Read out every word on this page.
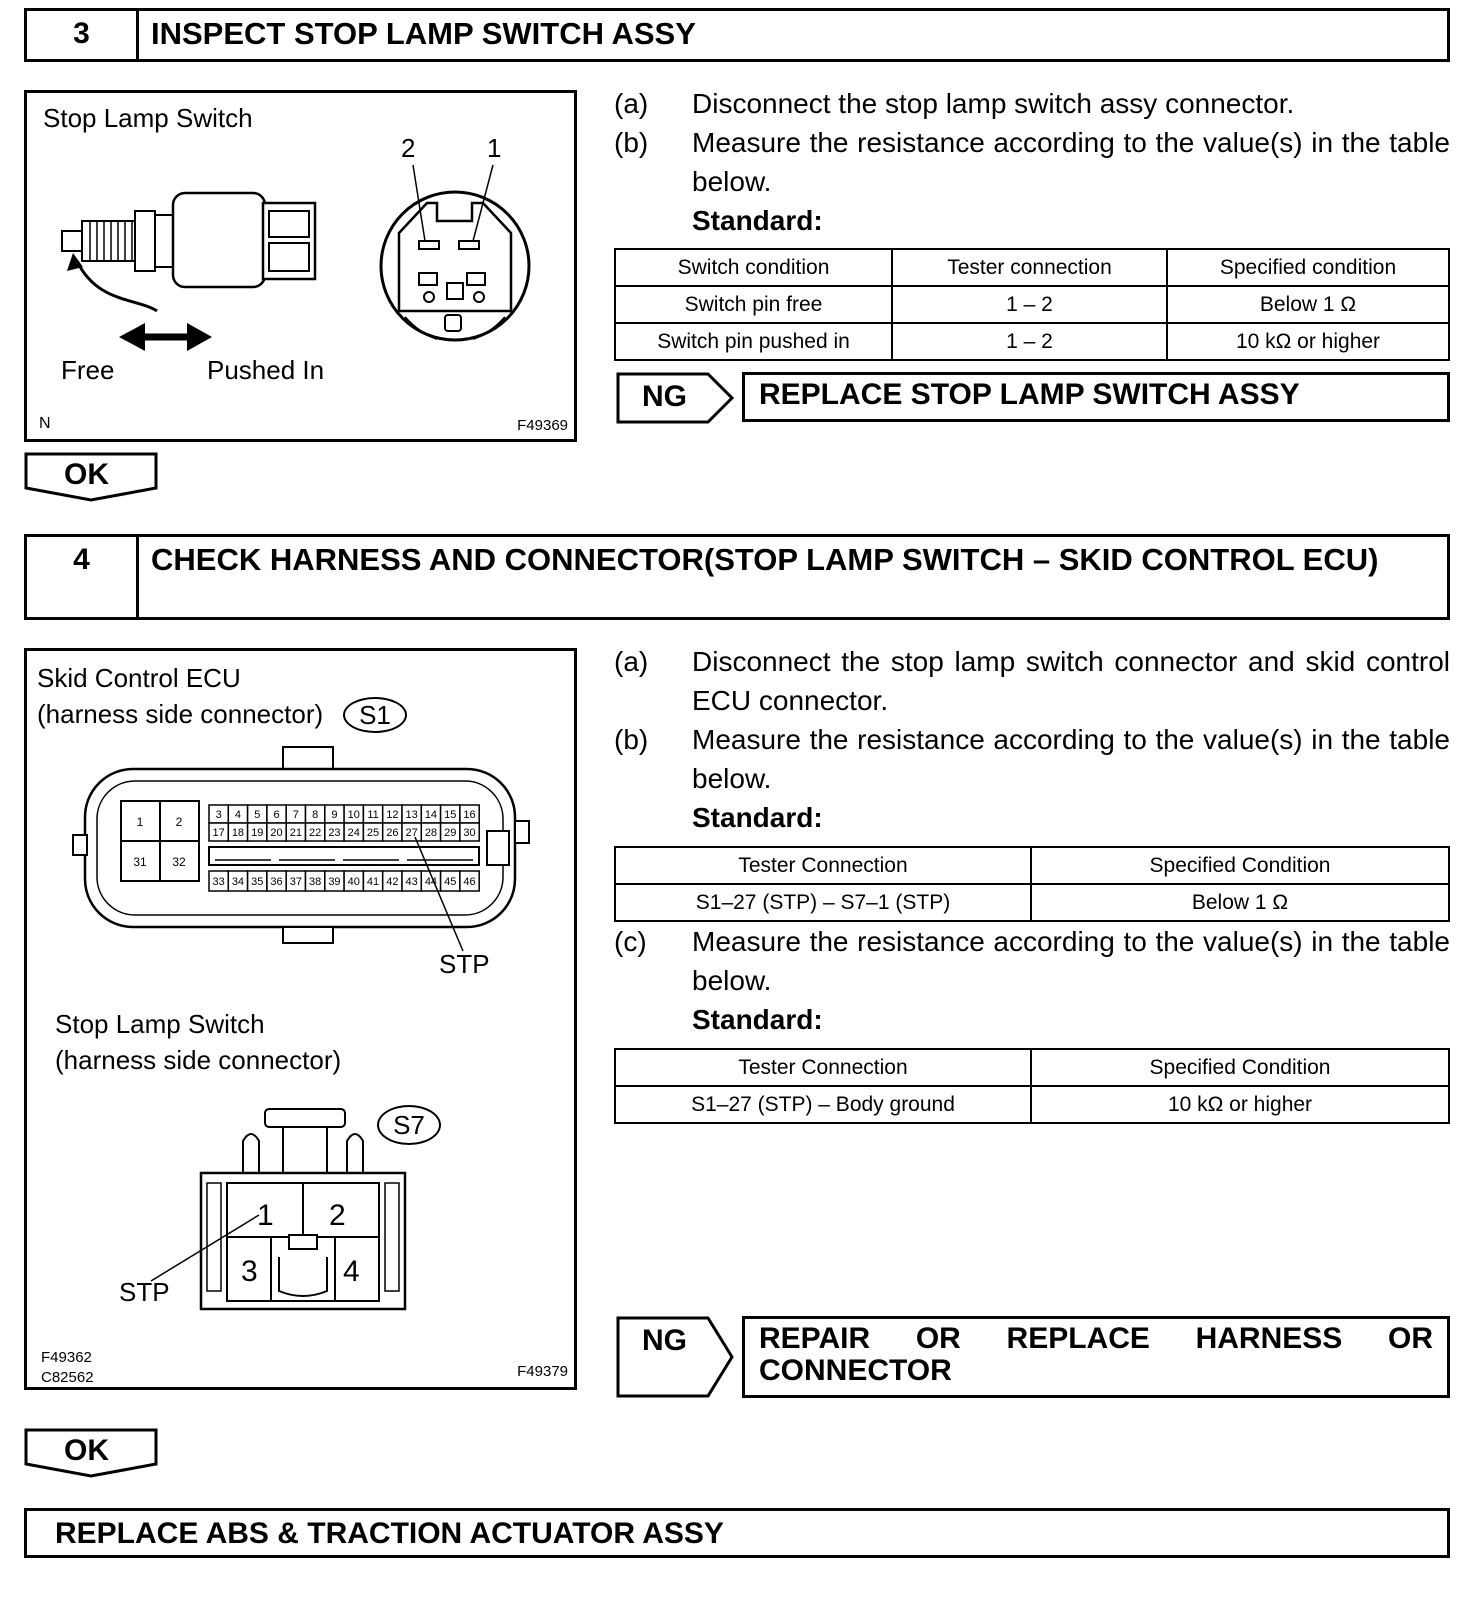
3	INSPECT STOP LAMP SWITCH ASSY
Stop Lamp Switch
2	1
Free	Pushed In
N	F49369
(a)	Disconnect the stop lamp switch assy connector.
(b)	Measure the resistance according to the value(s) in the table below.
Standard:
Switch condition	Tester connection	Specified condition
Switch pin free	1 – 2	Below 1 Ω
Switch pin pushed in	1 – 2	10 kΩ or higher
NG	REPLACE STOP LAMP SWITCH ASSY
OK
4	CHECK HARNESS AND CONNECTOR(STOP LAMP SWITCH – SKID CONTROL ECU)
Skid Control ECU
(harness side connector)	S1
1	2
31 32
3 4 5 6 7 8 9 10 11 12 13 14 15 16
17 18 19 20 21 22 23 24 25 26 27 28 29 30
33 34 35 36 37 38 39 40 41 42 43 44 45 46
STP
Stop Lamp Switch
(harness side connector)
S7
1 2
3	4
STP
F49362
C82562	F49379
(a)	Disconnect the stop lamp switch connector and skid control ECU connector.
(b)	Measure the resistance according to the value(s) in the table below.
Standard:
Tester Connection	Specified Condition
S1–27 (STP) – S7–1 (STP)	Below 1 Ω
(c)	Measure the resistance according to the value(s) in the table below.
Standard:
Tester Connection	Specified Condition
S1–27 (STP) – Body ground	10 kΩ or higher
NG REPAIR OR REPLACE HARNESS OR
CONNECTOR
OK
REPLACE ABS & TRACTION ACTUATOR ASSY
